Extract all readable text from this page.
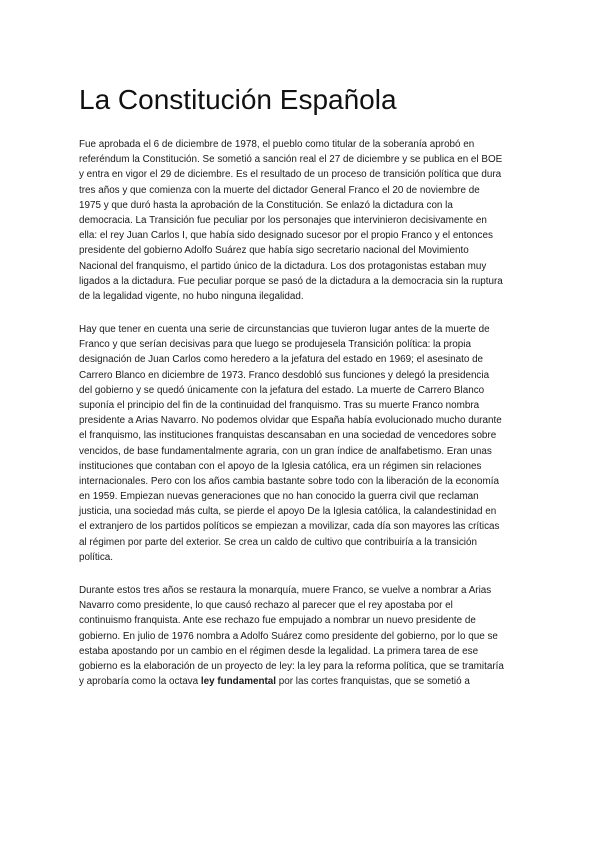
La Constitución Española
Fue aprobada el 6 de diciembre de 1978, el pueblo como titular de la soberanía aprobó en
referéndum la Constitución. Se sometió a sanción real el 27 de diciembre y se publica en el BOE
y entra en vigor el 29 de diciembre. Es el resultado de un proceso de transición política que dura
tres años y que comienza con la muerte del dictador General Franco el 20 de noviembre de
1975 y que duró hasta la aprobación de la Constitución. Se enlazó la dictadura con la
democracia. La Transición fue peculiar por los personajes que intervinieron decisivamente en
ella: el rey Juan Carlos I, que había sido designado sucesor por el propio Franco y el entonces
presidente del gobierno Adolfo Suárez que había sigo secretario nacional del Movimiento
Nacional del franquismo, el partido único de la dictadura. Los dos protagonistas estaban muy
ligados a la dictadura. Fue peculiar porque se pasó de la dictadura a la democracia sin la ruptura
de la legalidad vigente, no hubo ninguna ilegalidad.
Hay que tener en cuenta una serie de circunstancias que tuvieron lugar antes de la muerte de
Franco y que serían decisivas para que luego se produjesela Transición política: la propia
designación de Juan Carlos como heredero a la jefatura del estado en 1969; el asesinato de
Carrero Blanco en diciembre de 1973. Franco desdobló sus funciones y delegó la presidencia
del gobierno y se quedó únicamente con la jefatura del estado. La muerte de Carrero Blanco
suponía el principio del fin de la continuidad del franquismo. Tras su muerte Franco nombra
presidente a Arias Navarro. No podemos olvidar que España había evolucionado mucho durante
el franquismo, las instituciones franquistas descansaban en una sociedad de vencedores sobre
vencidos, de base fundamentalmente agraria, con un gran índice de analfabetismo. Eran unas
instituciones que contaban con el apoyo de la Iglesia católica, era un régimen sin relaciones
internacionales. Pero con los años cambia bastante sobre todo con la liberación de la economía
en 1959. Empiezan nuevas generaciones que no han conocido la guerra civil que reclaman
justicia, una sociedad más culta, se pierde el apoyo De la Iglesia católica, la calandestinidad en
el extranjero de los partidos políticos se empiezan a movilizar, cada día son mayores las críticas
al régimen por parte del exterior. Se crea un caldo de cultivo que contribuiría a la transición
política.
Durante estos tres años se restaura la monarquía, muere Franco, se vuelve a nombrar a Arias
Navarro como presidente, lo que causó rechazo al parecer que el rey apostaba por el
continuismo franquista. Ante ese rechazo fue empujado a nombrar un nuevo presidente de
gobierno. En julio de 1976 nombra a Adolfo Suárez como presidente del gobierno, por lo que se
estaba apostando por un cambio en el régimen desde la legalidad. La primera tarea de ese
gobierno es la elaboración de un proyecto de ley: la ley para la reforma política, que se tramitaría
y aprobaría como la octava ley fundamental por las cortes franquistas, que se sometió a
